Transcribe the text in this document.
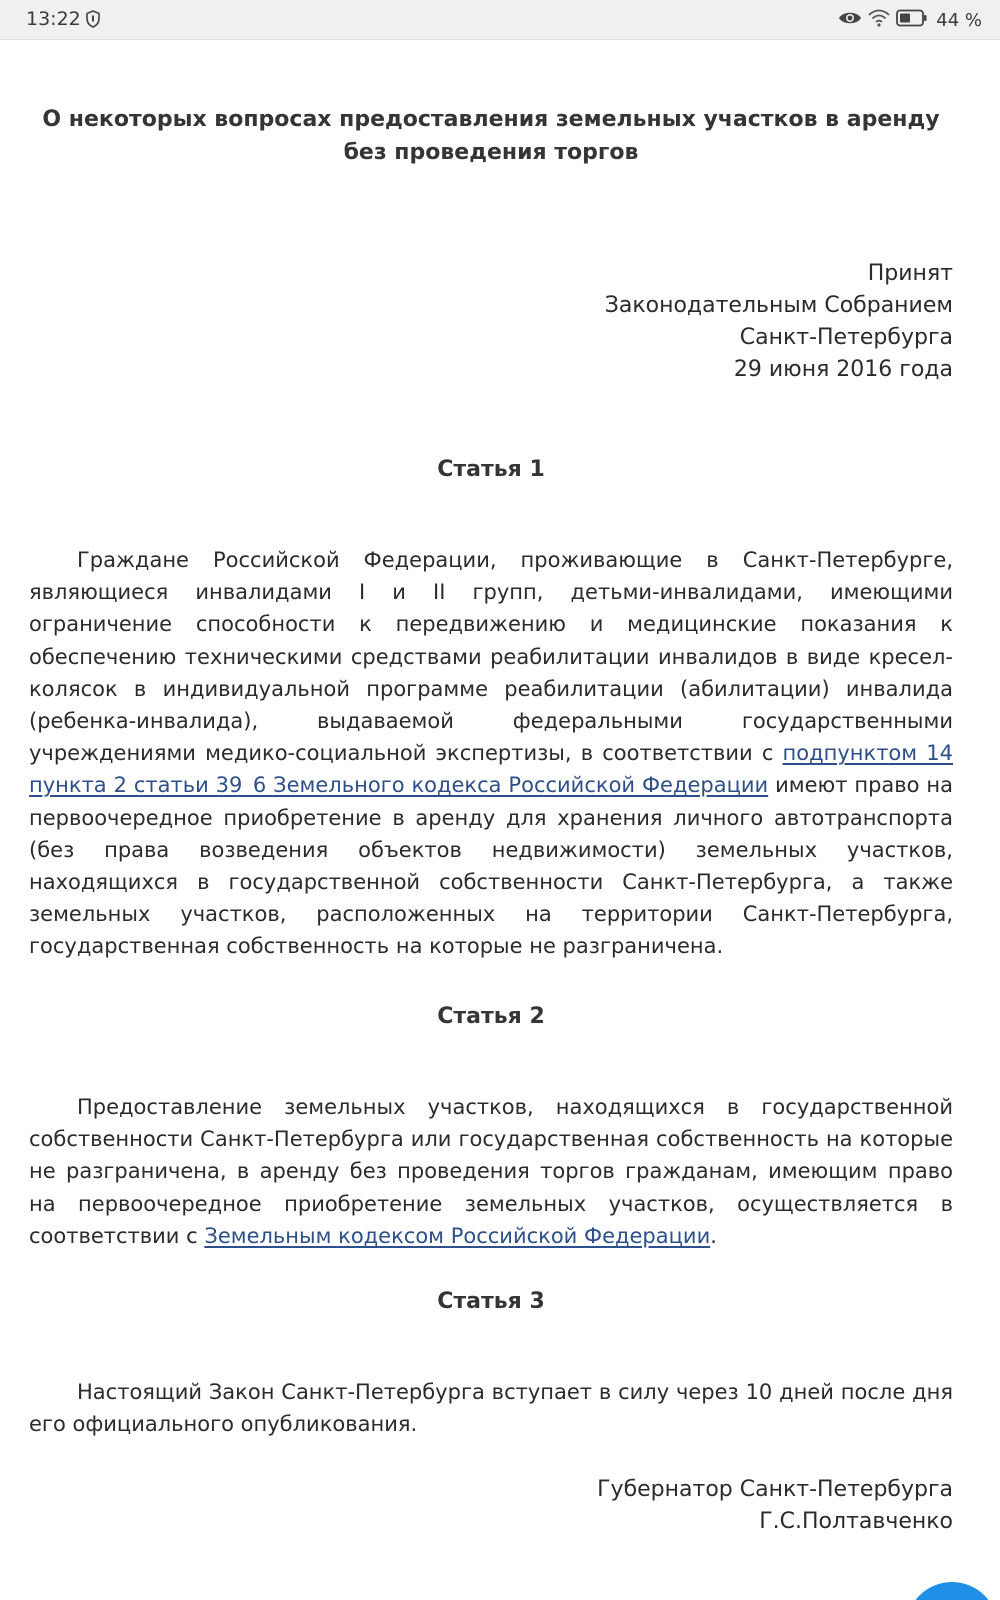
13:22	44 %
О некоторых вопросах предоставления земельных участков в аренду без проведения торгов
Принят
Законодательным Собранием
Санкт-Петербурга
29 июня 2016 года
Статья 1
Граждане Российской Федерации, проживающие в Санкт-Петербурге, являющиеся инвалидами I и II групп, детьми-инвалидами, имеющими ограничение способности к передвижению и медицинские показания к обеспечению техническими средствами реабилитации инвалидов в виде кресел-колясок в индивидуальной программе реабилитации (абилитации) инвалида (ребенка-инвалида), выдаваемой федеральными государственными учреждениями медико-социальной экспертизы, в соответствии с подпунктом 14 пункта 2 статьи 39_6 Земельного кодекса Российской Федерации имеют право на первоочередное приобретение в аренду для хранения личного автотранспорта (без права возведения объектов недвижимости) земельных участков, находящихся в государственной собственности Санкт-Петербурга, а также земельных участков, расположенных на территории Санкт-Петербурга, государственная собственность на которые не разграничена.
Статья 2
Предоставление земельных участков, находящихся в государственной собственности Санкт-Петербурга или государственная собственность на которые не разграничена, в аренду без проведения торгов гражданам, имеющим право на первоочередное приобретение земельных участков, осуществляется в соответствии с Земельным кодексом Российской Федерации.
Статья 3
Настоящий Закон Санкт-Петербурга вступает в силу через 10 дней после дня его официального опубликования.
Губернатор Санкт-Петербурга
Г.С.Полтавченко
